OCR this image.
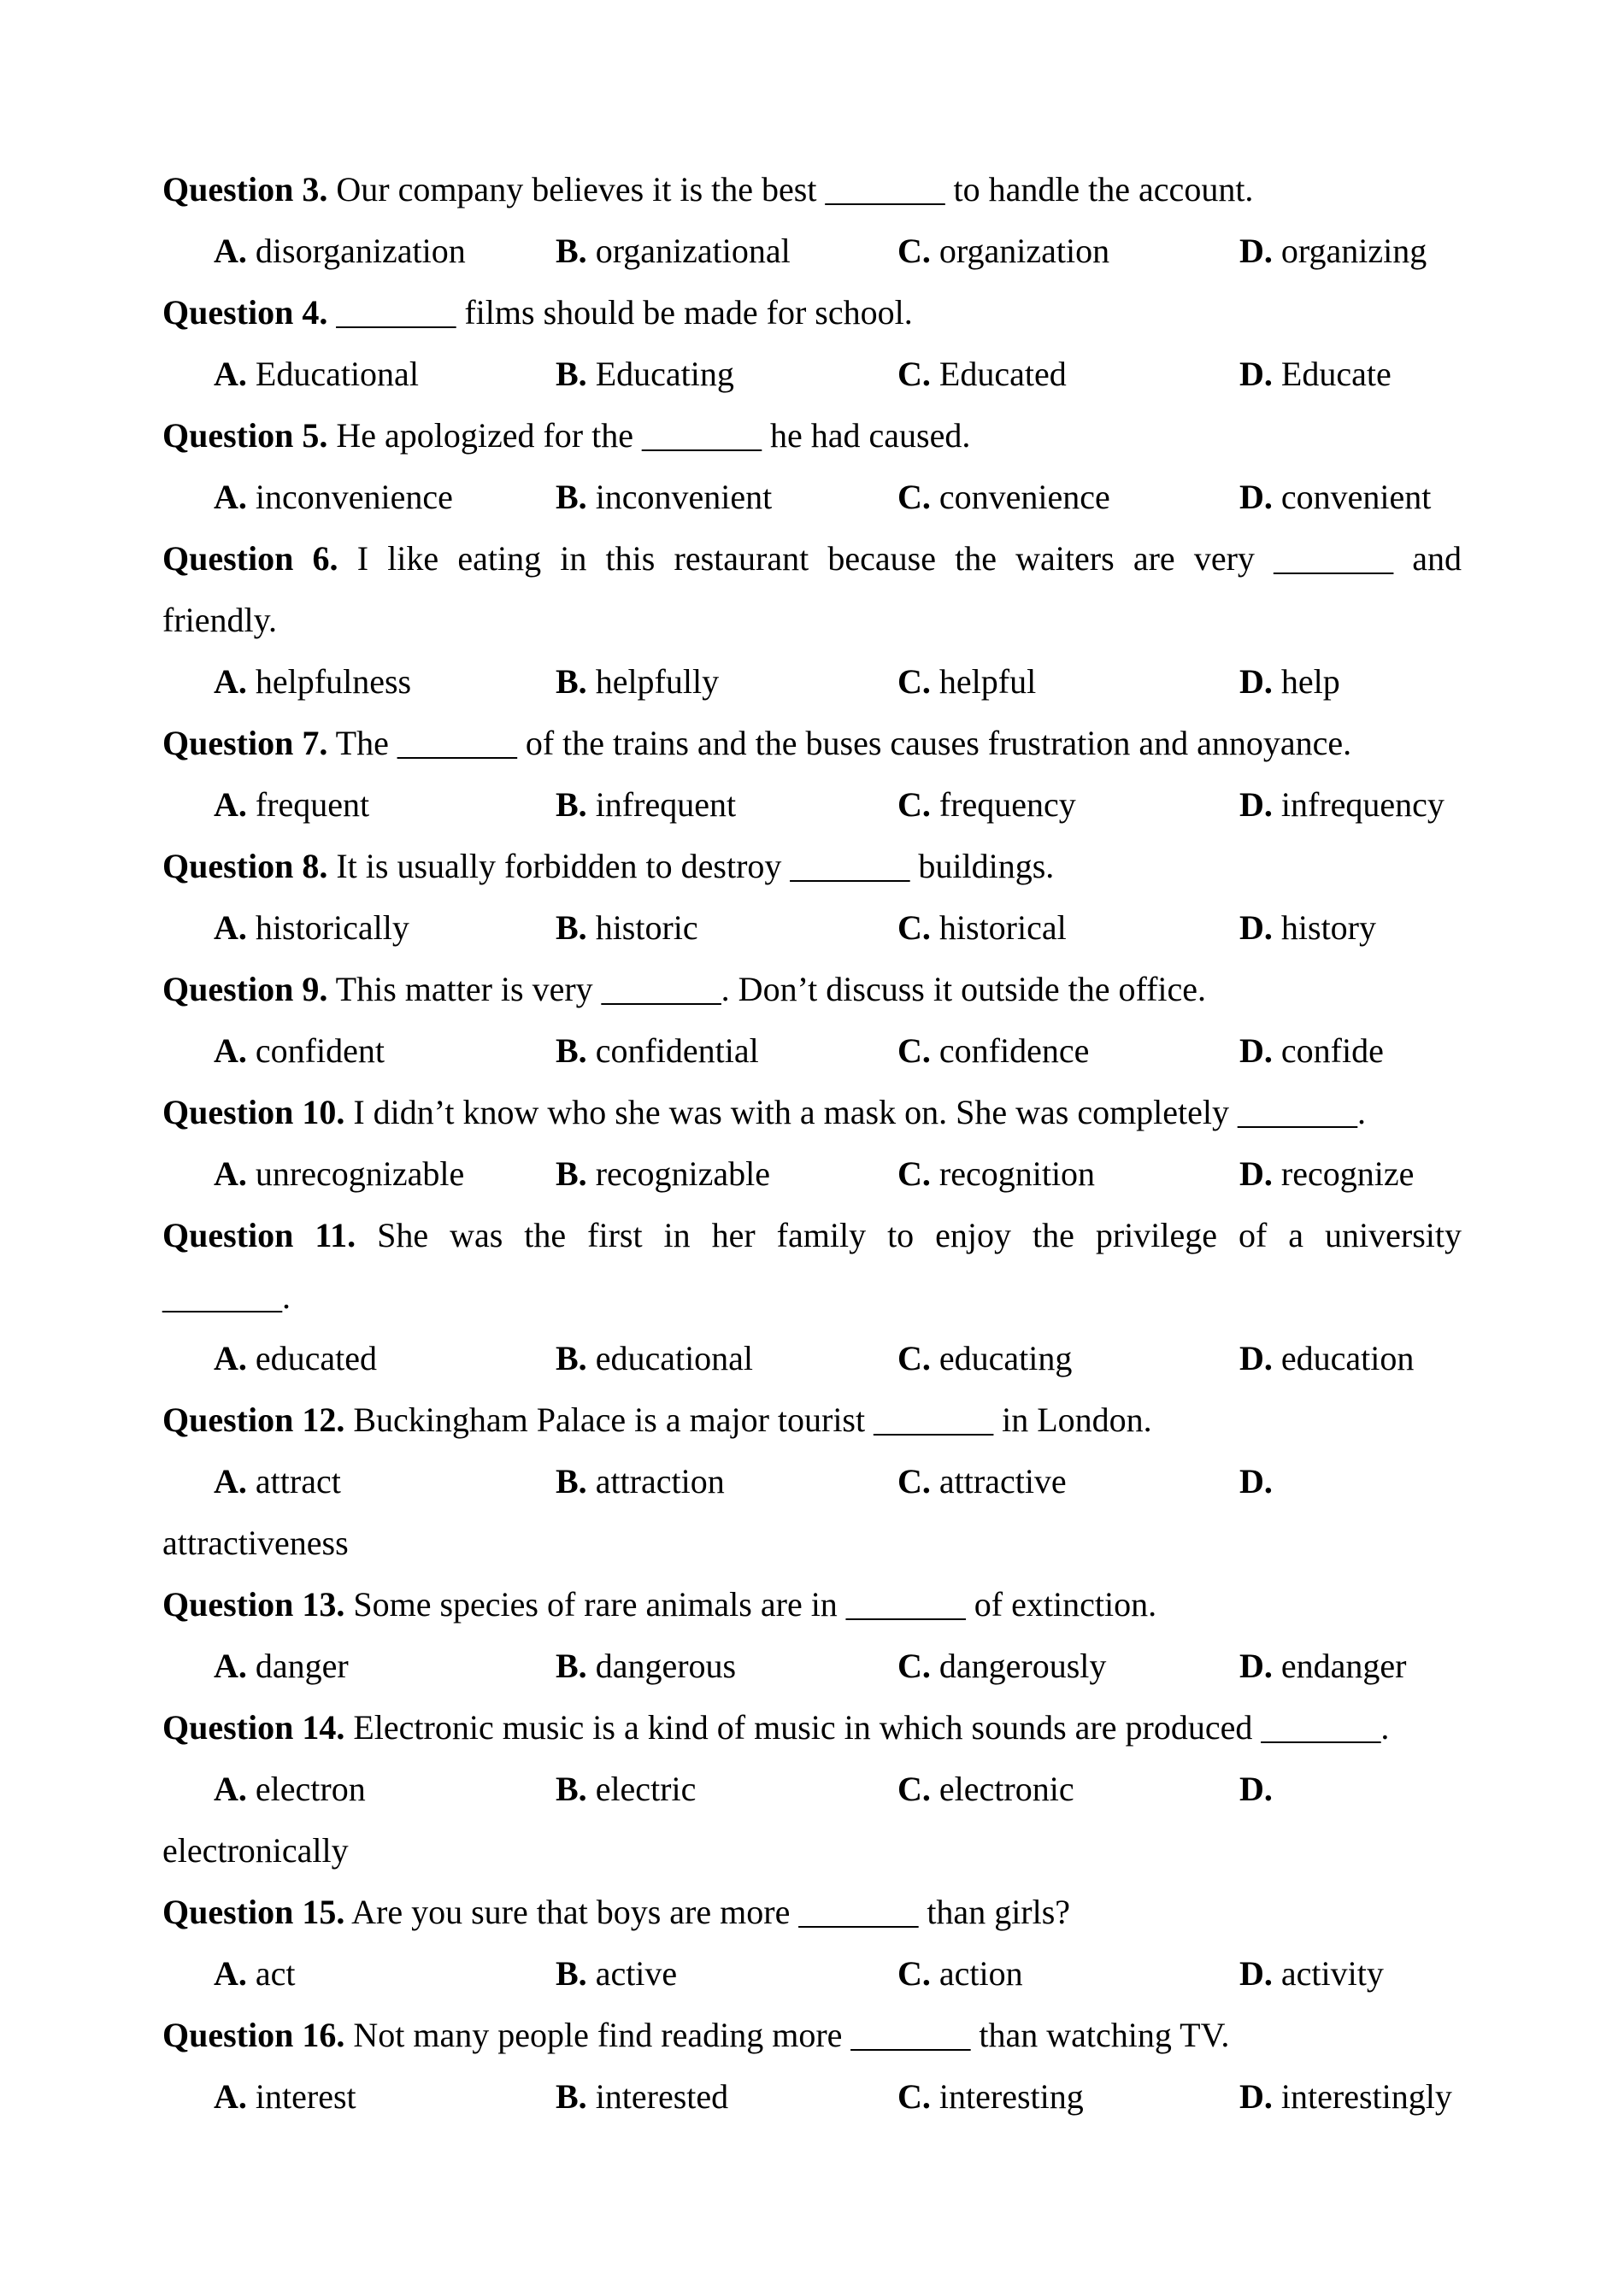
Question 3. Our company believes it is the best _______ to handle the account.
A. disorganization	B. organizational	C. organization	D. organizing
Question 4. _______ films should be made for school.
A. Educational	B. Educating	C. Educated	D. Educate
Question 5. He apologized for the _______ he had caused.
A. inconvenience	B. inconvenient	C. convenience	D. convenient
Question 6. I like eating in this restaurant because the waiters are very _______ and
friendly.
A. helpfulness	B. helpfully	C. helpful	D. help
Question 7. The _______ of the trains and the buses causes frustration and annoyance.
A. frequent	B. infrequent	C. frequency	D. infrequency
Question 8. It is usually forbidden to destroy _______ buildings.
A. historically	B. historic	C. historical	D. history
Question 9. This matter is very _______. Don’t discuss it outside the office.
A. confident	B. confidential	C. confidence	D. confide
Question 10. I didn’t know who she was with a mask on. She was completely _______.
A. unrecognizable	B. recognizable	C. recognition	D. recognize
Question 11. She was the first in her family to enjoy the privilege of a university
_______.
A. educated	B. educational	C. educating	D. education
Question 12. Buckingham Palace is a major tourist _______ in London.
A. attract	B. attraction	C. attractive	D.
attractiveness
Question 13. Some species of rare animals are in _______ of extinction.
A. danger	B. dangerous	C. dangerously	D. endanger
Question 14. Electronic music is a kind of music in which sounds are produced _______.
A. electron	B. electric	C. electronic	D.
electronically
Question 15. Are you sure that boys are more _______ than girls?
A. act	B. active	C. action	D. activity
Question 16. Not many people find reading more _______ than watching TV.
A. interest	B. interested	C. interesting	D. interestingly
